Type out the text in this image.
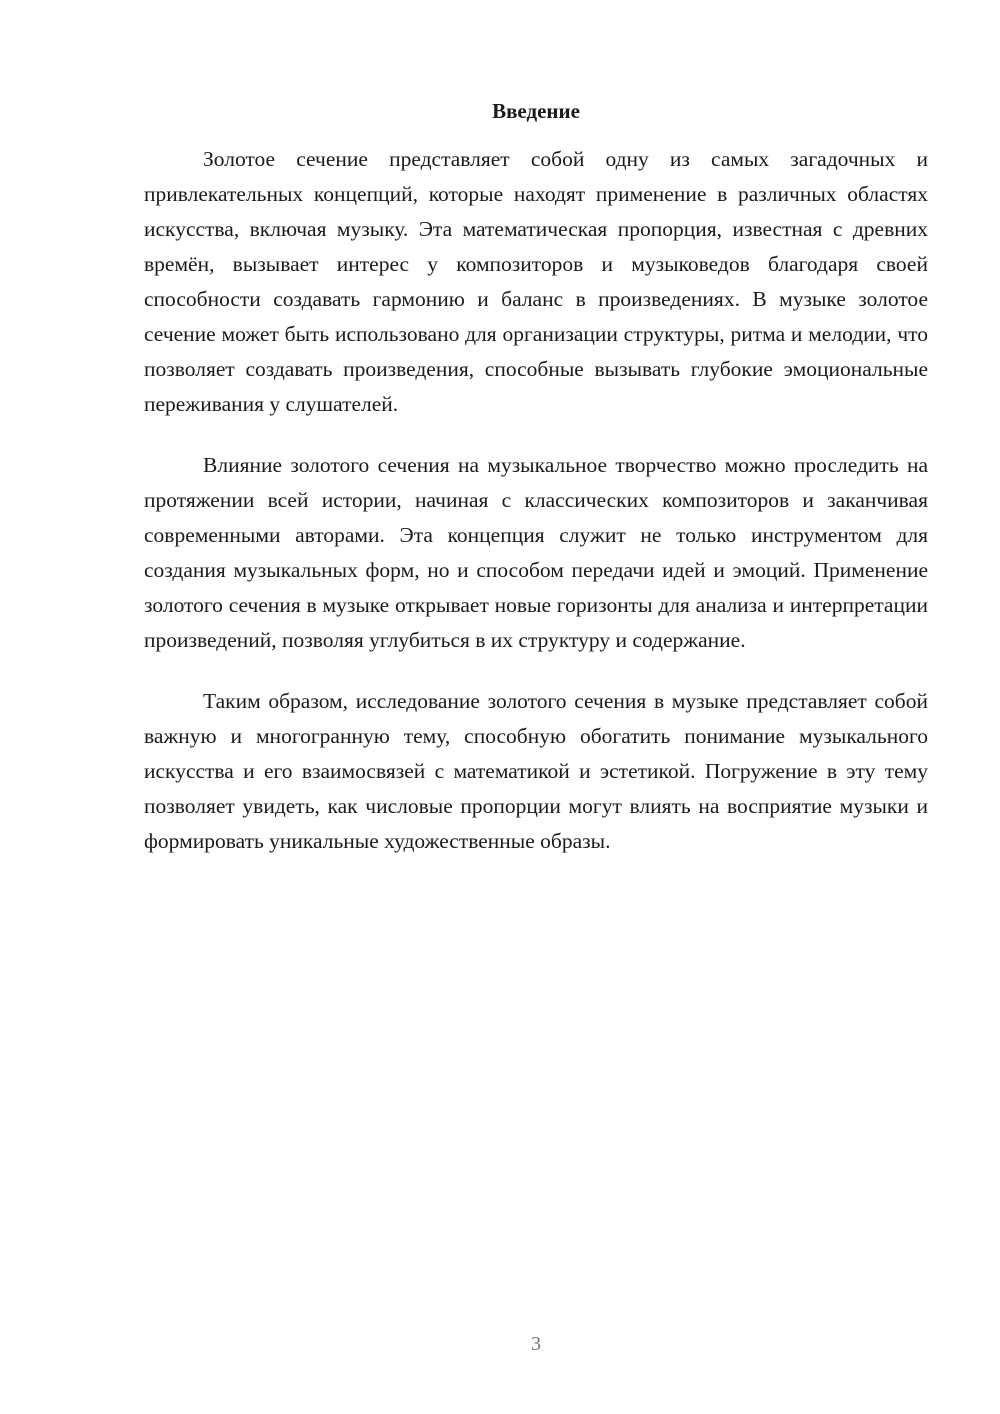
Введение

Золотое сечение представляет собой одну из самых загадочных и привлекательных концепций, которые находят применение в различных областях искусства, включая музыку. Эта математическая пропорция, известная с древних времён, вызывает интерес у композиторов и музыковедов благодаря своей способности создавать гармонию и баланс в произведениях. В музыке золотое сечение может быть использовано для организации структуры, ритма и мелодии, что позволяет создавать произведения, способные вызывать глубокие эмоциональные переживания у слушателей.

Влияние золотого сечения на музыкальное творчество можно проследить на протяжении всей истории, начиная с классических композиторов и заканчивая современными авторами. Эта концепция служит не только инструментом для создания музыкальных форм, но и способом передачи идей и эмоций. Применение золотого сечения в музыке открывает новые горизонты для анализа и интерпретации произведений, позволяя углубиться в их структуру и содержание.

Таким образом, исследование золотого сечения в музыке представляет собой важную и многогранную тему, способную обогатить понимание музыкального искусства и его взаимосвязей с математикой и эстетикой. Погружение в эту тему позволяет увидеть, как числовые пропорции могут влиять на восприятие музыки и формировать уникальные художественные образы.

3
